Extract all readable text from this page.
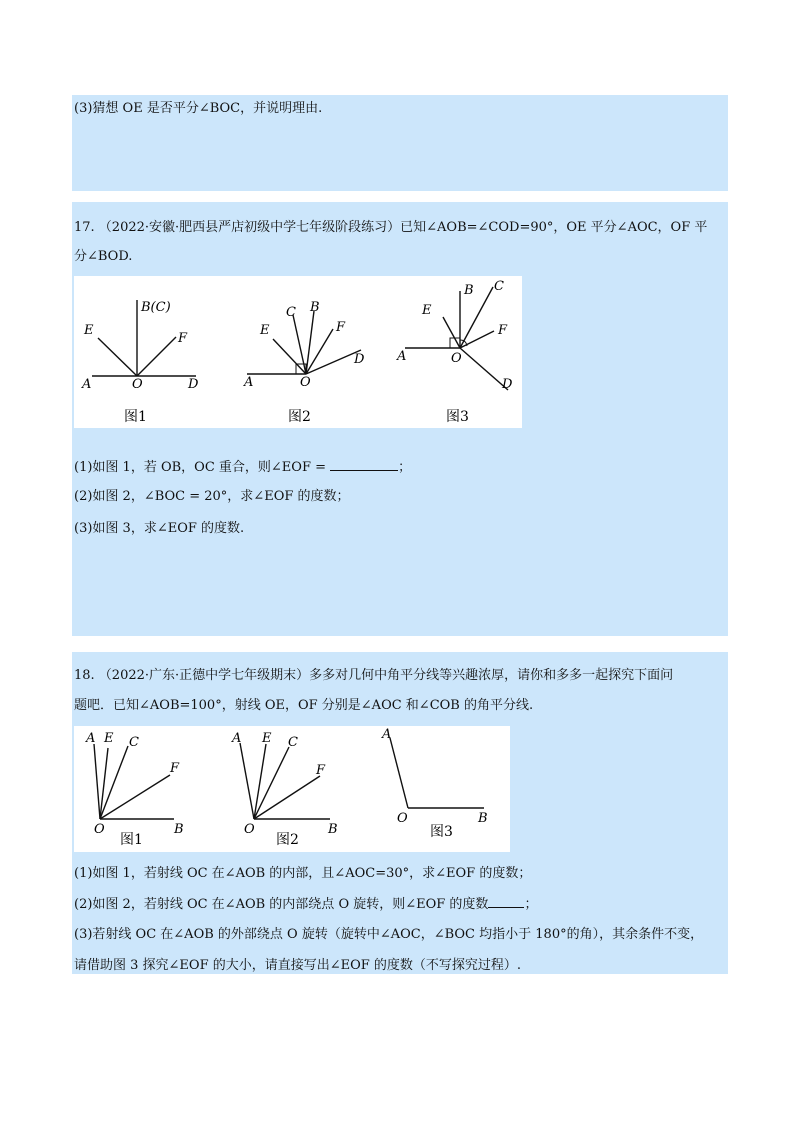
(3)猜想 OE 是否平分∠BOC，并说明理由.
17. （2022·安徽·肥西县严店初级中学七年级阶段练习）已知∠AOB=∠COD=90°，OE 平分∠AOC，OF 平
分∠BOD.
B(C)
E
F
A	O	D
图1
C B
E	F
D
A	O
图2
B C
E
F
A	O
D
图3
(1)如图 1，若 OB，OC 重合，则∠EOF =	；
(2)如图 2，∠BOC = 20°，求∠EOF 的度数；
(3)如图 3，求∠EOF 的度数.
18. （2022·广东·正德中学七年级期末）多多对几何中角平分线等兴趣浓厚，请你和多多一起探究下面问
题吧．已知∠AOB=100°，射线 OE，OF 分别是∠AOC 和∠COB 的角平分线.
A E C
F
O	B
图1
A E C
F
O	B
图2
A
O	B
图3
(1)如图 1，若射线 OC 在∠AOB 的内部，且∠AOC=30°，求∠EOF 的度数；
(2)如图 2，若射线 OC 在∠AOB 的内部绕点 O 旋转，则∠EOF 的度数	；
(3)若射线 OC 在∠AOB 的外部绕点 O 旋转（旋转中∠AOC，∠BOC 均指小于 180°的角），其余条件不变，
请借助图 3 探究∠EOF 的大小，请直接写出∠EOF 的度数（不写探究过程）.
